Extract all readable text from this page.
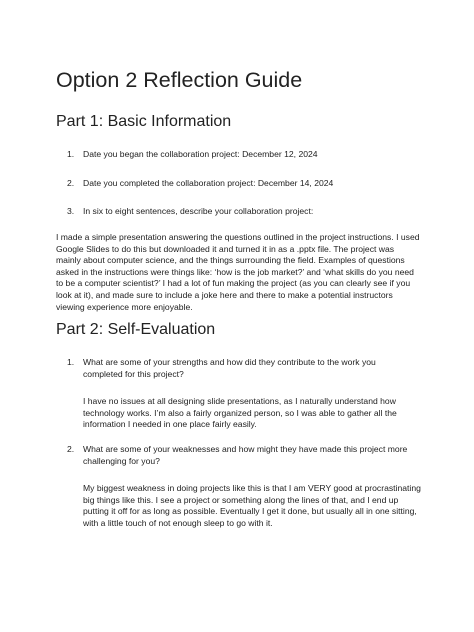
Option 2 Reflection Guide
Part 1: Basic Information
1. Date you began the collaboration project: December 12, 2024
2. Date you completed the collaboration project: December 14, 2024
3. In six to eight sentences, describe your collaboration project:
I made a simple presentation answering the questions outlined in the project instructions. I used Google Slides to do this but downloaded it and turned it in as a .pptx file. The project was mainly about computer science, and the things surrounding the field. Examples of questions asked in the instructions were things like: ‘how is the job market?’ and ‘what skills do you need to be a computer scientist?’ I had a lot of fun making the project (as you can clearly see if you look at it), and made sure to include a joke here and there to make a potential instructors viewing experience more enjoyable.
Part 2: Self-Evaluation
1. What are some of your strengths and how did they contribute to the work you completed for this project?
I have no issues at all designing slide presentations, as I naturally understand how technology works. I’m also a fairly organized person, so I was able to gather all the information I needed in one place fairly easily.
2. What are some of your weaknesses and how might they have made this project more challenging for you?
My biggest weakness in doing projects like this is that I am VERY good at procrastinating big things like this. I see a project or something along the lines of that, and I end up putting it off for as long as possible. Eventually I get it done, but usually all in one sitting, with a little touch of not enough sleep to go with it.
